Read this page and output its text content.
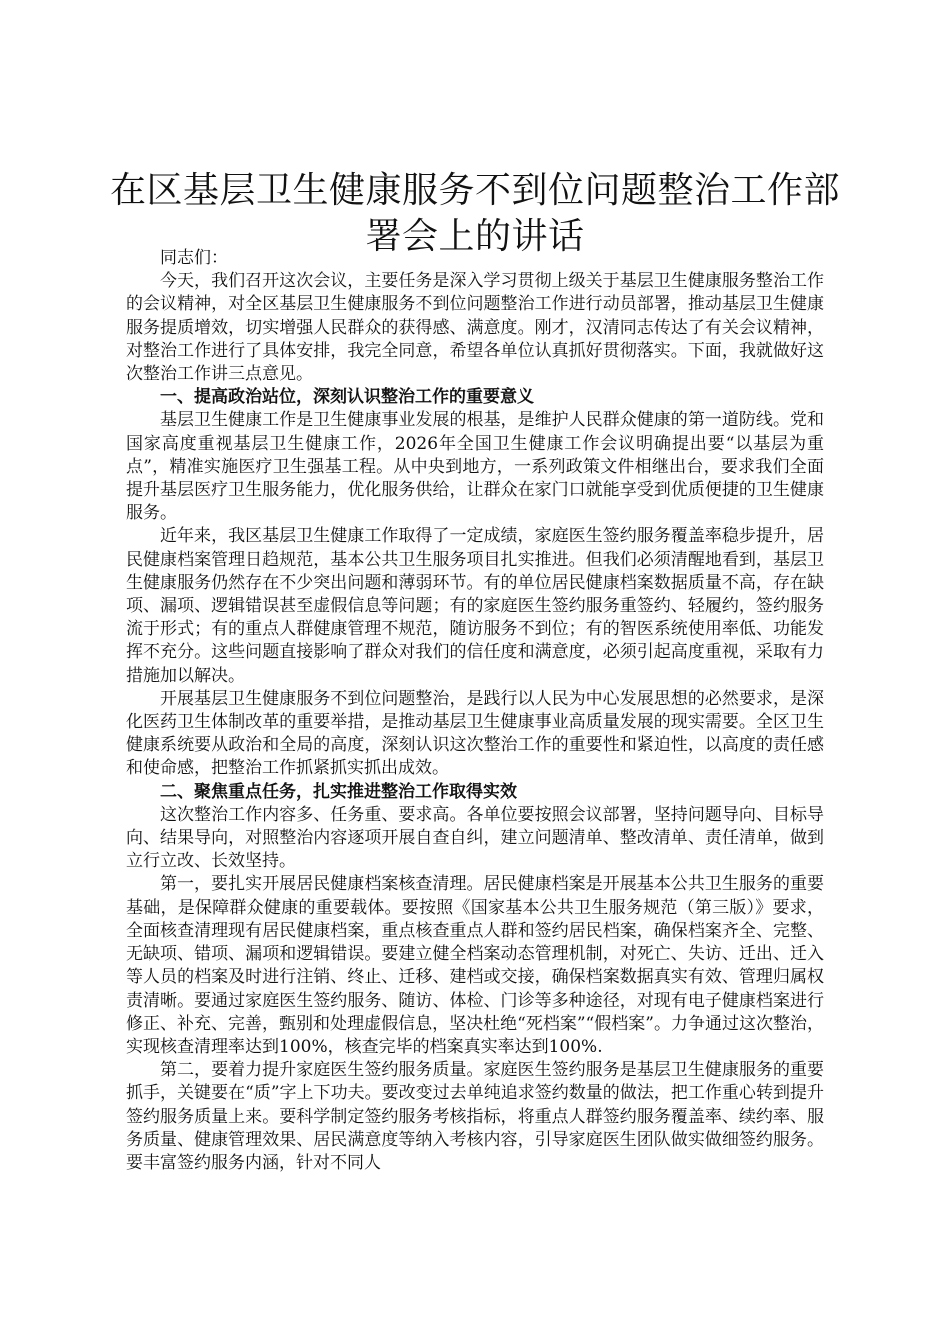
在区基层卫生健康服务不到位问题整治工作部署会上的讲话

同志们：

今天，我们召开这次会议，主要任务是深入学习贯彻上级关于基层卫生健康服务整治工作的会议精神，对全区基层卫生健康服务不到位问题整治工作进行动员部署，推动基层卫生健康服务提质增效，切实增强人民群众的获得感、满意度。刚才，汉清同志传达了有关会议精神，对整治工作进行了具体安排，我完全同意，希望各单位认真抓好贯彻落实。下面，我就做好这次整治工作讲三点意见。

一、提高政治站位，深刻认识整治工作的重要意义

基层卫生健康工作是卫生健康事业发展的根基，是维护人民群众健康的第一道防线。党和国家高度重视基层卫生健康工作，2026年全国卫生健康工作会议明确提出要“以基层为重点”，精准实施医疗卫生强基工程。从中央到地方，一系列政策文件相继出台，要求我们全面提升基层医疗卫生服务能力，优化服务供给，让群众在家门口就能享受到优质便捷的卫生健康服务。

近年来，我区基层卫生健康工作取得了一定成绩，家庭医生签约服务覆盖率稳步提升，居民健康档案管理日趋规范，基本公共卫生服务项目扎实推进。但我们必须清醒地看到，基层卫生健康服务仍然存在不少突出问题和薄弱环节。有的单位居民健康档案数据质量不高，存在缺项、漏项、逻辑错误甚至虚假信息等问题；有的家庭医生签约服务重签约、轻履约，签约服务流于形式；有的重点人群健康管理不规范，随访服务不到位；有的智医系统使用率低、功能发挥不充分。这些问题直接影响了群众对我们的信任度和满意度，必须引起高度重视，采取有力措施加以解决。

开展基层卫生健康服务不到位问题整治，是践行以人民为中心发展思想的必然要求，是深化医药卫生体制改革的重要举措，是推动基层卫生健康事业高质量发展的现实需要。全区卫生健康系统要从政治和全局的高度，深刻认识这次整治工作的重要性和紧迫性，以高度的责任感和使命感，把整治工作抓紧抓实抓出成效。

二、聚焦重点任务，扎实推进整治工作取得实效

这次整治工作内容多、任务重、要求高。各单位要按照会议部署，坚持问题导向、目标导向、结果导向，对照整治内容逐项开展自查自纠，建立问题清单、整改清单、责任清单，做到立行立改、长效坚持。

第一，要扎实开展居民健康档案核查清理。居民健康档案是开展基本公共卫生服务的重要基础，是保障群众健康的重要载体。要按照《国家基本公共卫生服务规范（第三版）》要求，全面核查清理现有居民健康档案，重点核查重点人群和签约居民档案，确保档案齐全、完整、无缺项、错项、漏项和逻辑错误。要建立健全档案动态管理机制，对死亡、失访、迁出、迁入等人员的档案及时进行注销、终止、迁移、建档或交接，确保档案数据真实有效、管理归属权责清晰。要通过家庭医生签约服务、随访、体检、门诊等多种途径，对现有电子健康档案进行修正、补充、完善，甄别和处理虚假信息，坚决杜绝“死档案”“假档案”。力争通过这次整治，实现核查清理率达到100%，核查完毕的档案真实率达到100%.

第二，要着力提升家庭医生签约服务质量。家庭医生签约服务是基层卫生健康服务的重要抓手，关键要在“质”字上下功夫。要改变过去单纯追求签约数量的做法，把工作重心转到提升签约服务质量上来。要科学制定签约服务考核指标，将重点人群签约服务覆盖率、续约率、服务质量、健康管理效果、居民满意度等纳入考核内容，引导家庭医生团队做实做细签约服务。要丰富签约服务内涵，针对不同人
